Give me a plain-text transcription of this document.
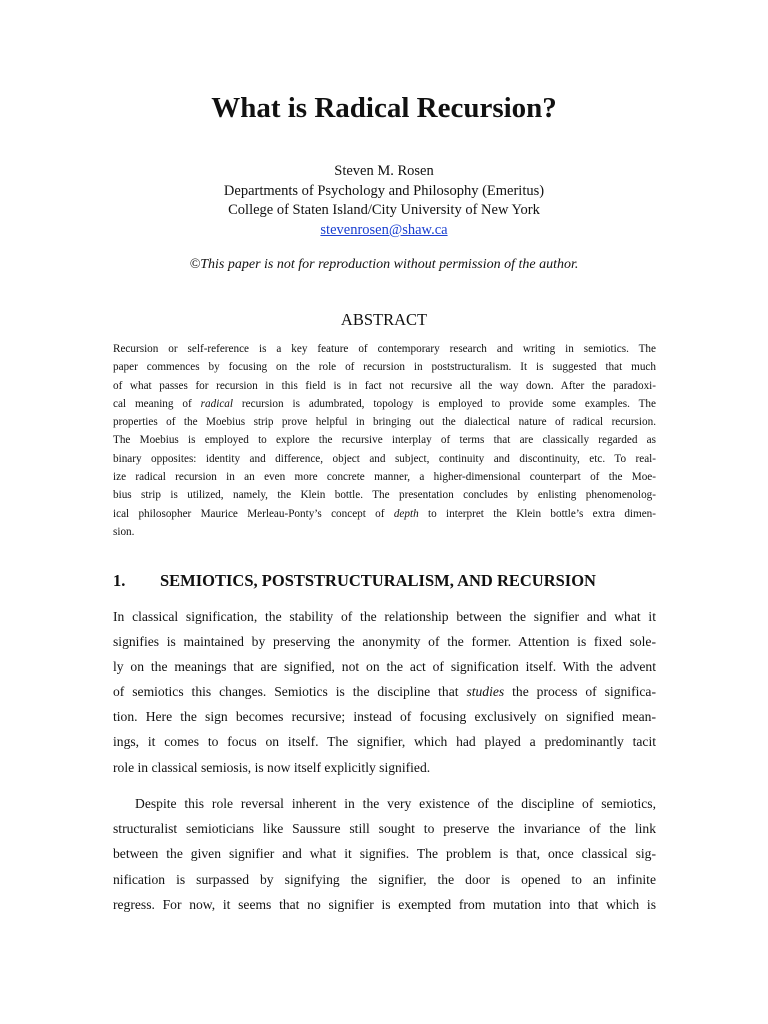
What is Radical Recursion?
Steven M. Rosen
Departments of Psychology and Philosophy (Emeritus)
College of Staten Island/City University of New York
stevenrosen@shaw.ca
©This paper is not for reproduction without permission of the author.
ABSTRACT
Recursion or self-reference is a key feature of contemporary research and writing in semiotics. The
paper commences by focusing on the role of recursion in poststructuralism. It is suggested that much
of what passes for recursion in this field is in fact not recursive all the way down. After the paradoxi-
cal meaning of radical recursion is adumbrated, topology is employed to provide some examples. The
properties of the Moebius strip prove helpful in bringing out the dialectical nature of radical recursion.
The Moebius is employed to explore the recursive interplay of terms that are classically regarded as
binary opposites: identity and difference, object and subject, continuity and discontinuity, etc. To real-
ize radical recursion in an even more concrete manner, a higher-dimensional counterpart of the Moe-
bius strip is utilized, namely, the Klein bottle. The presentation concludes by enlisting phenomenolog-
ical philosopher Maurice Merleau-Ponty’s concept of depth to interpret the Klein bottle’s extra dimen-
sion.
1. SEMIOTICS, POSTSTRUCTURALISM, AND RECURSION
In classical signification, the stability of the relationship between the signifier and what it
signifies is maintained by preserving the anonymity of the former. Attention is fixed sole-
ly on the meanings that are signified, not on the act of signification itself. With the advent
of semiotics this changes. Semiotics is the discipline that studies the process of significa-
tion. Here the sign becomes recursive; instead of focusing exclusively on signified mean-
ings, it comes to focus on itself. The signifier, which had played a predominantly tacit
role in classical semiosis, is now itself explicitly signified.
Despite this role reversal inherent in the very existence of the discipline of semiotics,
structuralist semioticians like Saussure still sought to preserve the invariance of the link
between the given signifier and what it signifies. The problem is that, once classical sig-
nification is surpassed by signifying the signifier, the door is opened to an infinite
regress. For now, it seems that no signifier is exempted from mutation into that which is
